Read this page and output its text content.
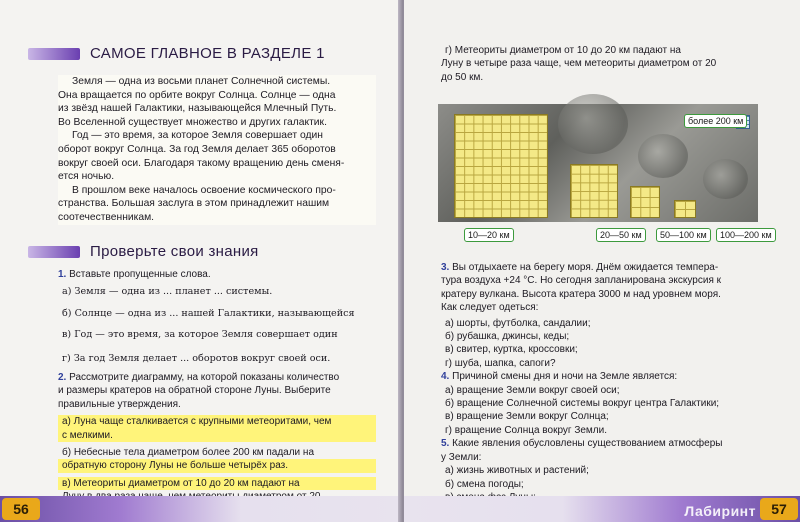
САМОЕ ГЛАВНОЕ В РАЗДЕЛЕ 1

Земля — одна из восьми планет Солнечной системы.

Она вращается по орбите вокруг Солнца. Солнце — одна
из звёзд нашей Галактики, называющейся Млечный Путь.
Во Вселенной существует множество и других галактик.

Год — это время, за которое Земля совершает один

оборот вокруг Солнца. За год Земля делает 365 оборотов
вокруг своей оси. Благодаря такому вращению день сменя-
ется ночью.

В прошлом веке началось освоение космического про-

странства. Большая заслуга в этом принадлежит нашим
соотечественникам.
Проверьте свои знания

1. Вставьте пропущенные слова.

а) Земля — одна из ... планет ... системы.

б) Солнце — одна из ... нашей Галактики, называющейся

в) Год — это время, за которое Земля совершает один

г) За год Земля делает ... оборотов вокруг своей оси.

2. Рассмотрите диаграмму, на которой показаны количество

и размеры кратеров на обратной стороне Луны. Выберите

правильные утверждения.

а) Луна чаще сталкивается с крупными метеоритами, чем

с мелкими.

б) Небесные тела диаметром более 200 км падали на

обратную сторону Луны не больше четырёх раз.

в) Метеориты диаметром от 10 до 20 км падают на

56

г) Метеориты диаметром от 10 до 20 км падают на

Луну в четыре раза чаще, чем метеориты диаметром от 20

до 50 км.

10—20 км	20—50 км	50—100 км	100—200 км
более 200 км

3. Вы отдыхаете на берегу моря. Днём ожидается темпера-

тура воздуха +24 °С. Но сегодня запланирована экскурсия к

кратеру вулкана. Высота кратера 3000 м над уровнем моря.

Как следует одеться:

а) шорты, футболка, сандалии;

б) рубашка, джинсы, кеды;

в) свитер, куртка, кроссовки;

г) шуба, шапка, сапоги?

4. Причиной смены дня и ночи на Земле является:

а) вращение Земли вокруг своей оси;

б) вращение Солнечной системы вокруг центра Галактики;

в) вращение Земли вокруг Солнца;

г) вращение Солнца вокруг Земли.

5. Какие явления обусловлены существованием атмосферы

у Земли:

а) жизнь животных и растений;

б) смена погоды;

Лабиринт	57
